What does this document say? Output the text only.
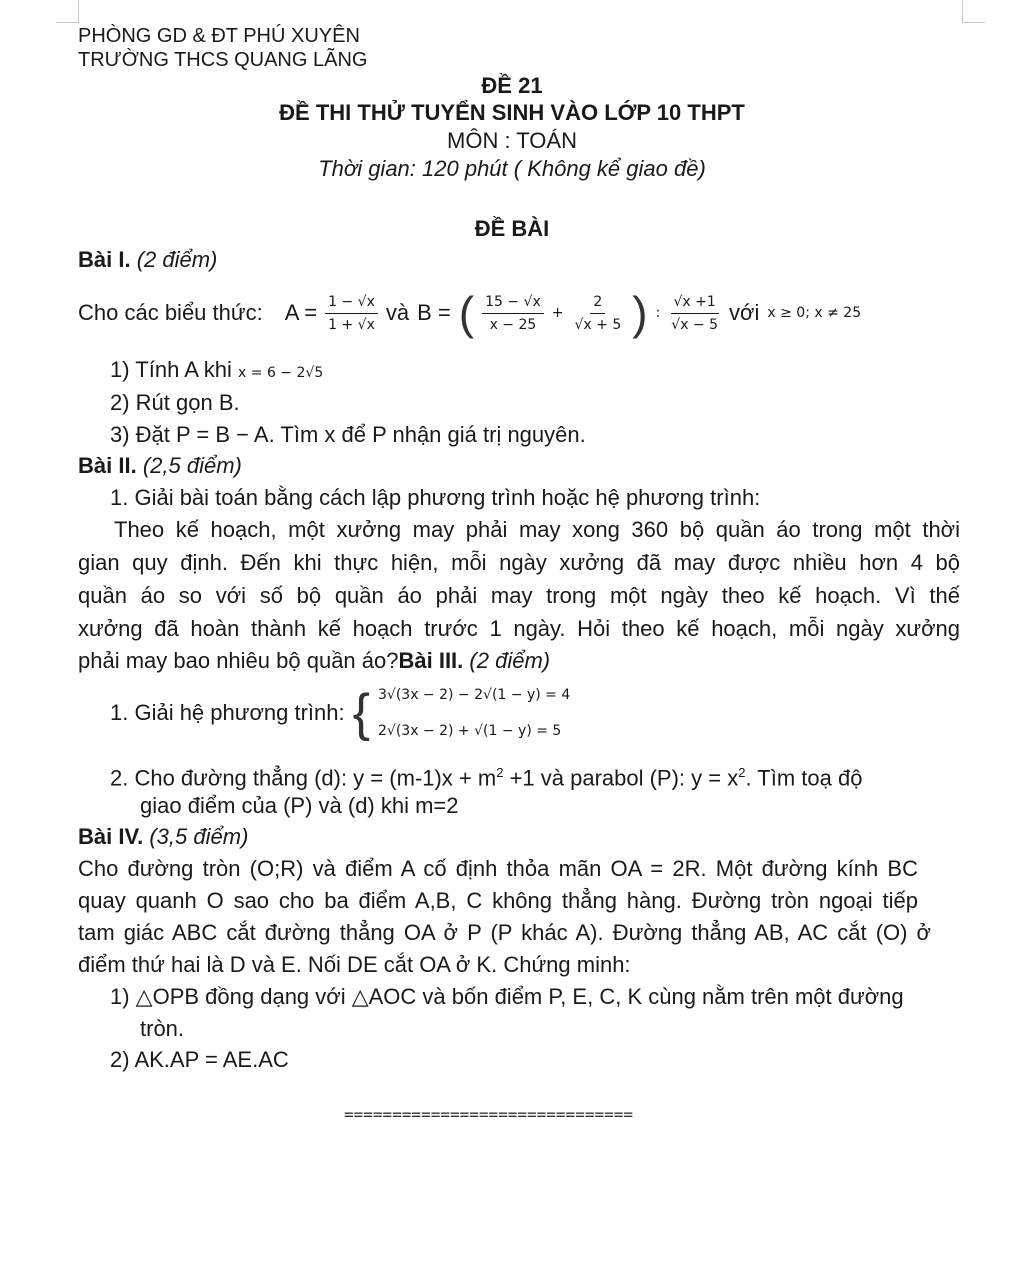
PHÒNG GD & ĐT PHÚ XUYÊN
TRƯỜNG THCS QUANG LÃNG
ĐỀ 21
ĐỀ THI THỬ TUYỂN SINH VÀO LỚP 10 THPT
MÔN : TOÁN
Thời gian: 120 phút ( Không kể giao đề)
ĐỀ BÀI
Bài I. (2 điểm)
Cho các biểu thức: $A = \frac{1 - √x}{1 + √x}$ và B = ( $\frac{15 - √x}{x - 25} + \frac{2}{√x + 5}$ ) : $\frac{√x +1}{√x - 5}$ với x ≥ 0; x ≠ 25
1) Tính A khi x = 6 − 2√5
2) Rút gọn B.
3) Đặt P = B − A. Tìm x để P nhận giá trị nguyên.
Bài II. (2,5 điểm)
1. Giải bài toán bằng cách lập phương trình hoặc hệ phương trình:
Theo kế hoạch, một xưởng may phải may xong 360 bộ quần áo trong một thời
gian quy định. Đến khi thực hiện, mỗi ngày xưởng đã may được nhiều hơn 4 bộ
quần áo so với số bộ quần áo phải may trong một ngày theo kế hoạch. Vì thế
xưởng đã hoàn thành kế hoạch trước 1 ngày. Hỏi theo kế hoạch, mỗi ngày xưởng
phải may bao nhiêu bộ quần áo?Bài III. (2 điểm)
1. Giải hệ phương trình: { 3√(3x − 2) − 2√(1 − y) = 4
2√(3x − 2) + √(1 − y) = 5
2. Cho đường thẳng (d): $y = (m-1)x + m^2 +1$ và parabol (P): $y = x^2$. Tìm toạ độ
giao điểm của (P) và (d) khi m=2
Bài IV. (3,5 điểm)
Cho đường tròn (O;R) và điểm A cố định thỏa mãn OA = 2R. Một đường kính BC
quay quanh O sao cho ba điểm A,B, C không thẳng hàng. Đường tròn ngoại tiếp
tam giác ABC cắt đường thẳng OA ở P (P khác A). Đường thẳng AB, AC cắt (O) ở
điểm thứ hai là D và E. Nối DE cắt OA ở K. Chứng minh:
1) △OPB đồng dạng với △AOC và bốn điểm P, E, C, K cùng nằm trên một đường
tròn.
2) AK.AP = AE.AC
==============================
